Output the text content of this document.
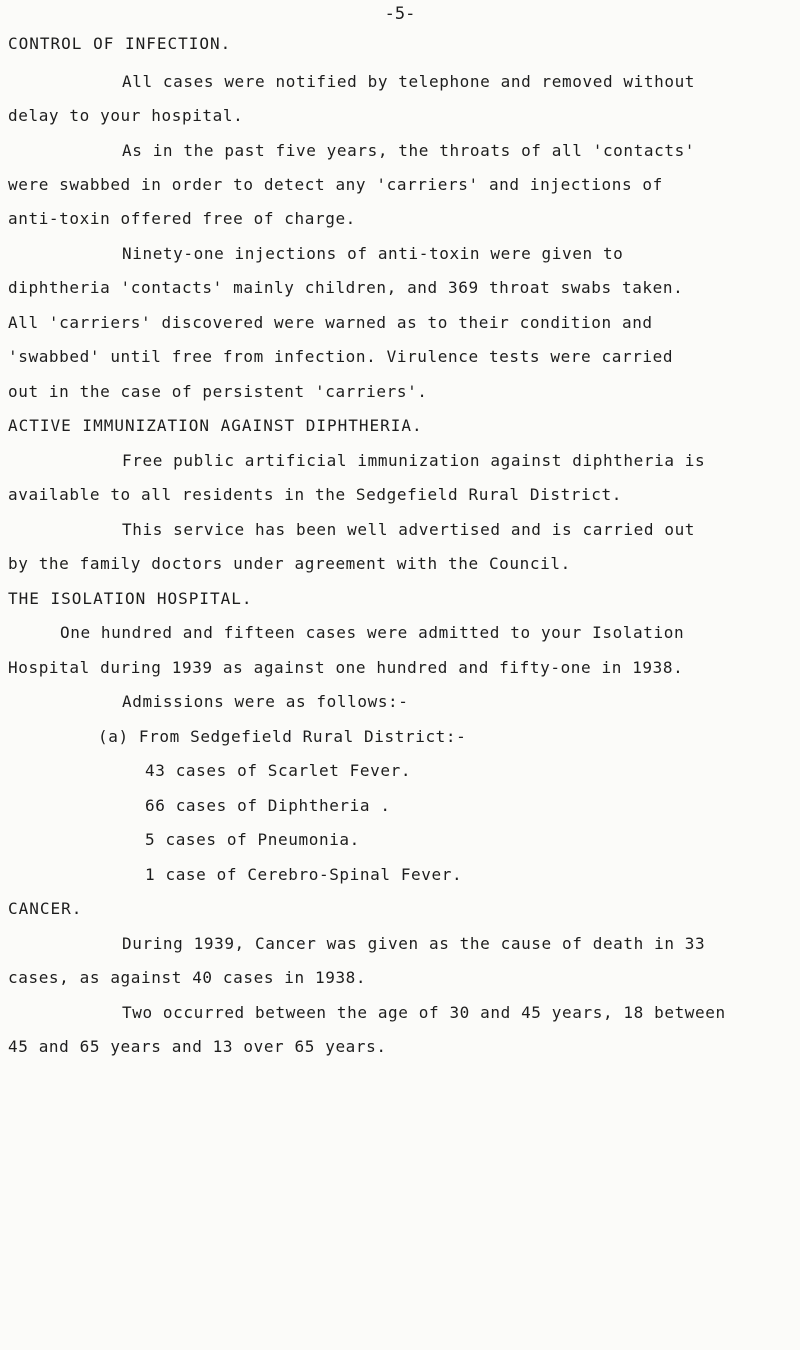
-5-
CONTROL OF INFECTION.
All cases were notified by telephone and removed without
delay to your hospital.
As in the past five years, the throats of all 'contacts'
were swabbed in order to detect any 'carriers' and injections of
anti-toxin offered free of charge.
Ninety-one injections of anti-toxin were given to
diphtheria 'contacts' mainly children, and 369 throat swabs taken.
All 'carriers' discovered were warned as to their condition and
'swabbed' until free from infection. Virulence tests were carried
out in the case of persistent 'carriers'.
ACTIVE IMMUNIZATION AGAINST DIPHTHERIA.
Free public artificial immunization against diphtheria is
available to all residents in the Sedgefield Rural District.
This service has been well advertised and is carried out
by the family doctors under agreement with the Council.
THE ISOLATION HOSPITAL.
One hundred and fifteen cases were admitted to your Isolation
Hospital during 1939 as against one hundred and fifty-one in 1938.
Admissions were as follows:-
(a) From Sedgefield Rural District:-
43 cases of Scarlet Fever.
66 cases of Diphtheria .
5 cases of Pneumonia.
1 case of Cerebro-Spinal Fever.
CANCER.
During 1939, Cancer was given as the cause of death in 33
cases, as against 40 cases in 1938.
Two occurred between the age of 30 and 45 years, 18 between
45 and 65 years and 13 over 65 years.
